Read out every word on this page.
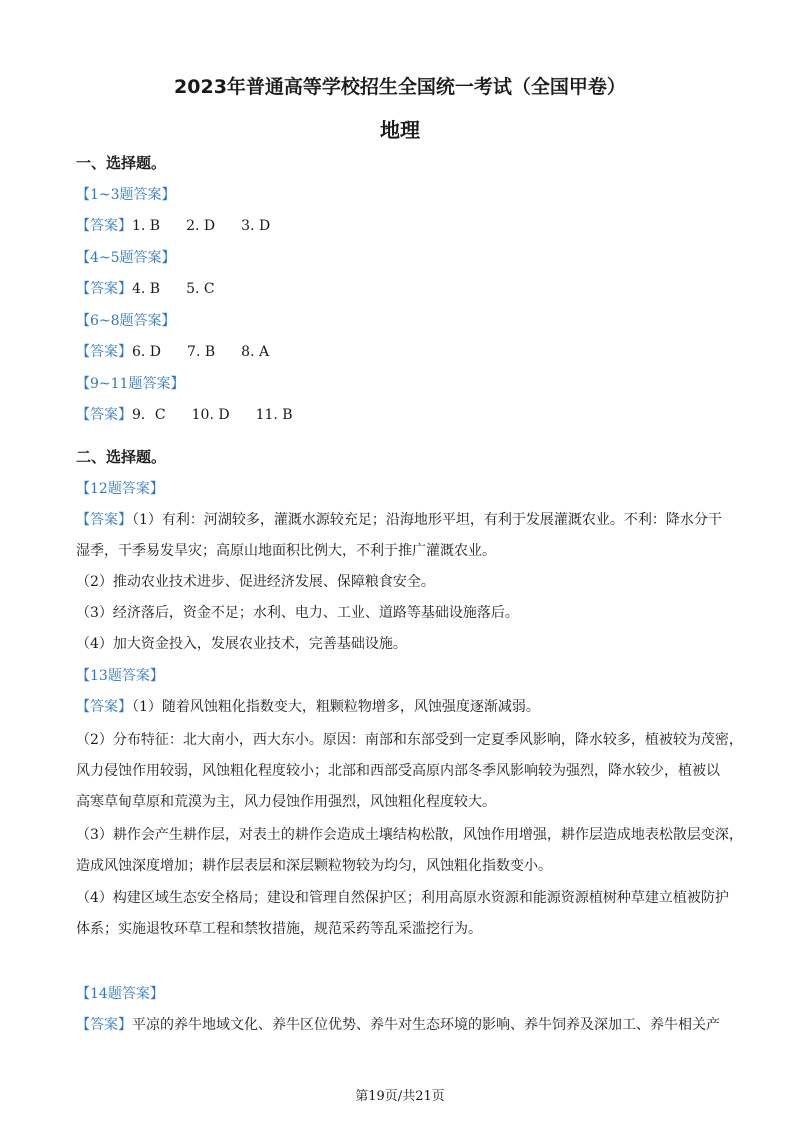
2023年普通高等学校招生全国统一考试（全国甲卷）
地理
一、选择题。
【1~3题答案】
【答案】1. B 2. D 3. D
【4~5题答案】
【答案】4. B 5. C
【6~8题答案】
【答案】6. D 7. B 8. A
【9~11题答案】
【答案】9．C 10. D 11. B
二、选择题。
【12题答案】
【答案】（1）有利：河湖较多，灌溉水源较充足；沿海地形平坦，有利于发展灌溉农业。不利：降水分干
湿季，干季易发旱灾；高原山地面积比例大，不利于推广灌溉农业。
（2）推动农业技术进步、促进经济发展、保障粮食安全。
（3）经济落后，资金不足；水利、电力、工业、道路等基础设施落后。
（4）加大资金投入，发展农业技术，完善基础设施。
【13题答案】
【答案】（1）随着风蚀粗化指数变大，粗颗粒物增多，风蚀强度逐渐减弱。
（2）分布特征：北大南小，西大东小。原因：南部和东部受到一定夏季风影响，降水较多，植被较为茂密，
风力侵蚀作用较弱，风蚀粗化程度较小；北部和西部受高原内部冬季风影响较为强烈，降水较少，植被以
高寒草甸草原和荒漠为主，风力侵蚀作用强烈，风蚀粗化程度较大。
（3）耕作会产生耕作层，对表土的耕作会造成土壤结构松散，风蚀作用增强，耕作层造成地表松散层变深，
造成风蚀深度增加；耕作层表层和深层颗粒物较为均匀，风蚀粗化指数变小。
（4）构建区域生态安全格局；建设和管理自然保护区；利用高原水资源和能源资源植树种草建立植被防护
体系；实施退牧环草工程和禁牧措施，规范采药等乱采滥挖行为。
【14题答案】
【答案】平凉的养牛地域文化、养牛区位优势、养牛对生态环境的影响、养牛饲养及深加工、养牛相关产
第19页/共21页
